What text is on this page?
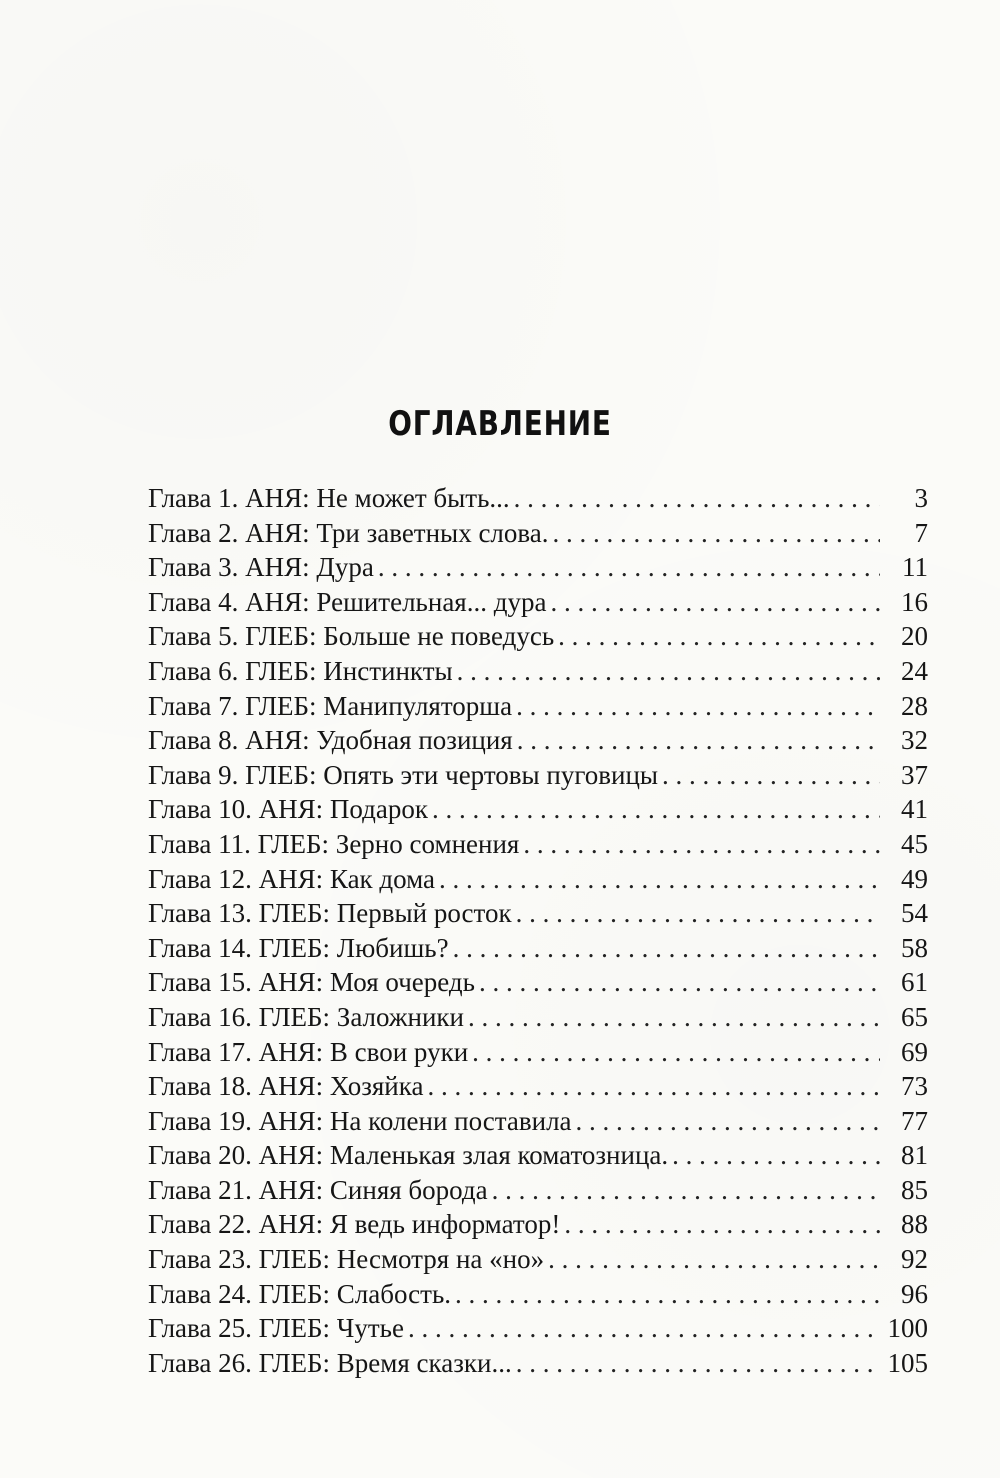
ОГЛАВЛЕНИЕ
Глава 1. АНЯ: Не может быть... . . .	3
Глава 2. АНЯ: Три заветных слова. . . .	7
Глава 3. АНЯ: Дура . . .	11
Глава 4. АНЯ: Решительная... дура . . .	16
Глава 5. ГЛЕБ: Больше не поведусь . . .	20
Глава 6. ГЛЕБ: Инстинкты . . .	24
Глава 7. ГЛЕБ: Манипуляторша . . .	28
Глава 8. АНЯ: Удобная позиция . . .	32
Глава 9. ГЛЕБ: Опять эти чертовы пуговицы . . .	37
Глава 10. АНЯ: Подарок . . .	41
Глава 11. ГЛЕБ: Зерно сомнения . . .	45
Глава 12. АНЯ: Как дома . . .	49
Глава 13. ГЛЕБ: Первый росток . . .	54
Глава 14. ГЛЕБ: Любишь? . . .	58
Глава 15. АНЯ: Моя очередь . . .	61
Глава 16. ГЛЕБ: Заложники . . .	65
Глава 17. АНЯ: В свои руки . . .	69
Глава 18. АНЯ: Хозяйка . . .	73
Глава 19. АНЯ: На колени поставила . . .	77
Глава 20. АНЯ: Маленькая злая коматозница. . . .	81
Глава 21. АНЯ: Синяя борода . . .	85
Глава 22. АНЯ: Я ведь информатор! . . .	88
Глава 23. ГЛЕБ: Несмотря на «но» . . .	92
Глава 24. ГЛЕБ: Слабость. . . .	96
Глава 25. ГЛЕБ: Чутье . . .	100
Глава 26. ГЛЕБ: Время сказки... . . .	105
